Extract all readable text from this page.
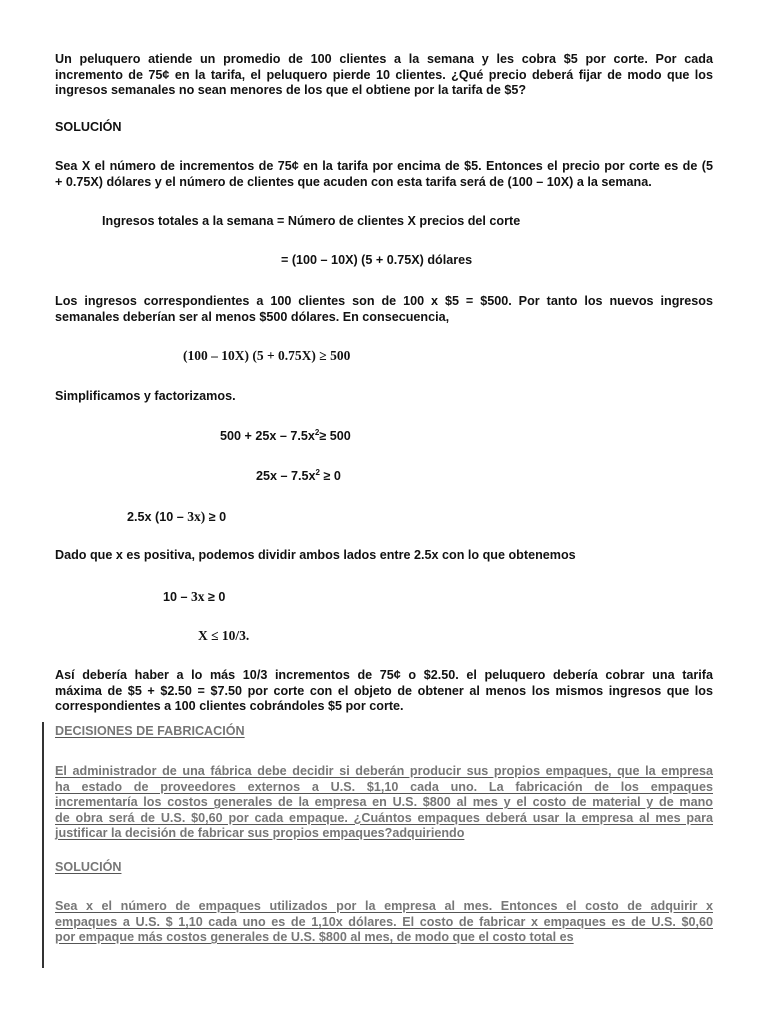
Un peluquero atiende un promedio de 100 clientes a la semana y les cobra $5 por corte. Por cada
incremento de 75¢ en la tarifa, el peluquero pierde 10 clientes. ¿Qué precio deberá fijar de modo que los
ingresos semanales no sean menores de los que el obtiene por la tarifa de $5?
SOLUCIÓN
Sea X el número de incrementos de 75¢ en la tarifa por encima de $5. Entonces el precio por corte es de (5
+ 0.75X) dólares y el número de clientes que acuden con esta tarifa será de (100 – 10X) a la semana.
Ingresos totales a la semana = Número de clientes X precios del corte
= (100 – 10X) (5 + 0.75X) dólares
Los ingresos correspondientes a 100 clientes son de 100 x $5 = $500. Por tanto los nuevos ingresos
semanales deberían ser al menos $500 dólares. En consecuencia,
(100 – 10X) (5 + 0.75X) ≥ 500
Simplificamos y factorizamos.
$500 + 25x - 7.5x^2\ge 500$
$25x - 7.5x^2 \ge 0$
2.5x (10 – 3x) ≥ 0
Dado que x es positiva, podemos dividir ambos lados entre 2.5x con lo que obtenemos
10 – 3x ≥ 0
X ≤ 10/3.
Así debería haber a lo más 10/3 incrementos de 75¢ o $2.50. el peluquero debería cobrar una tarifa
máxima de $5 + $2.50 = $7.50 por corte con el objeto de obtener al menos los mismos ingresos que los
correspondientes a 100 clientes cobrándoles $5 por corte.
DECISIONES DE FABRICACIÓN
El administrador de una fábrica debe decidir si deberán producir sus propios empaques, que la empresa
ha estado de proveedores externos a U.S. $1,10 cada uno. La fabricación de los empaques
incrementaría los costos generales de la empresa en U.S. $800 al mes y el costo de material y de mano
de obra será de U.S. $0,60 por cada empaque. ¿Cuántos empaques deberá usar la empresa al mes para
justificar la decisión de fabricar sus propios empaques?adquiriendo
SOLUCIÓN
Sea x el número de empaques utilizados por la empresa al mes. Entonces el costo de adquirir x
empaques a U.S. $ 1,10 cada uno es de 1,10x dólares. El costo de fabricar x empaques es de U.S. $0,60
por empaque más costos generales de U.S. $800 al mes, de modo que el costo total es
